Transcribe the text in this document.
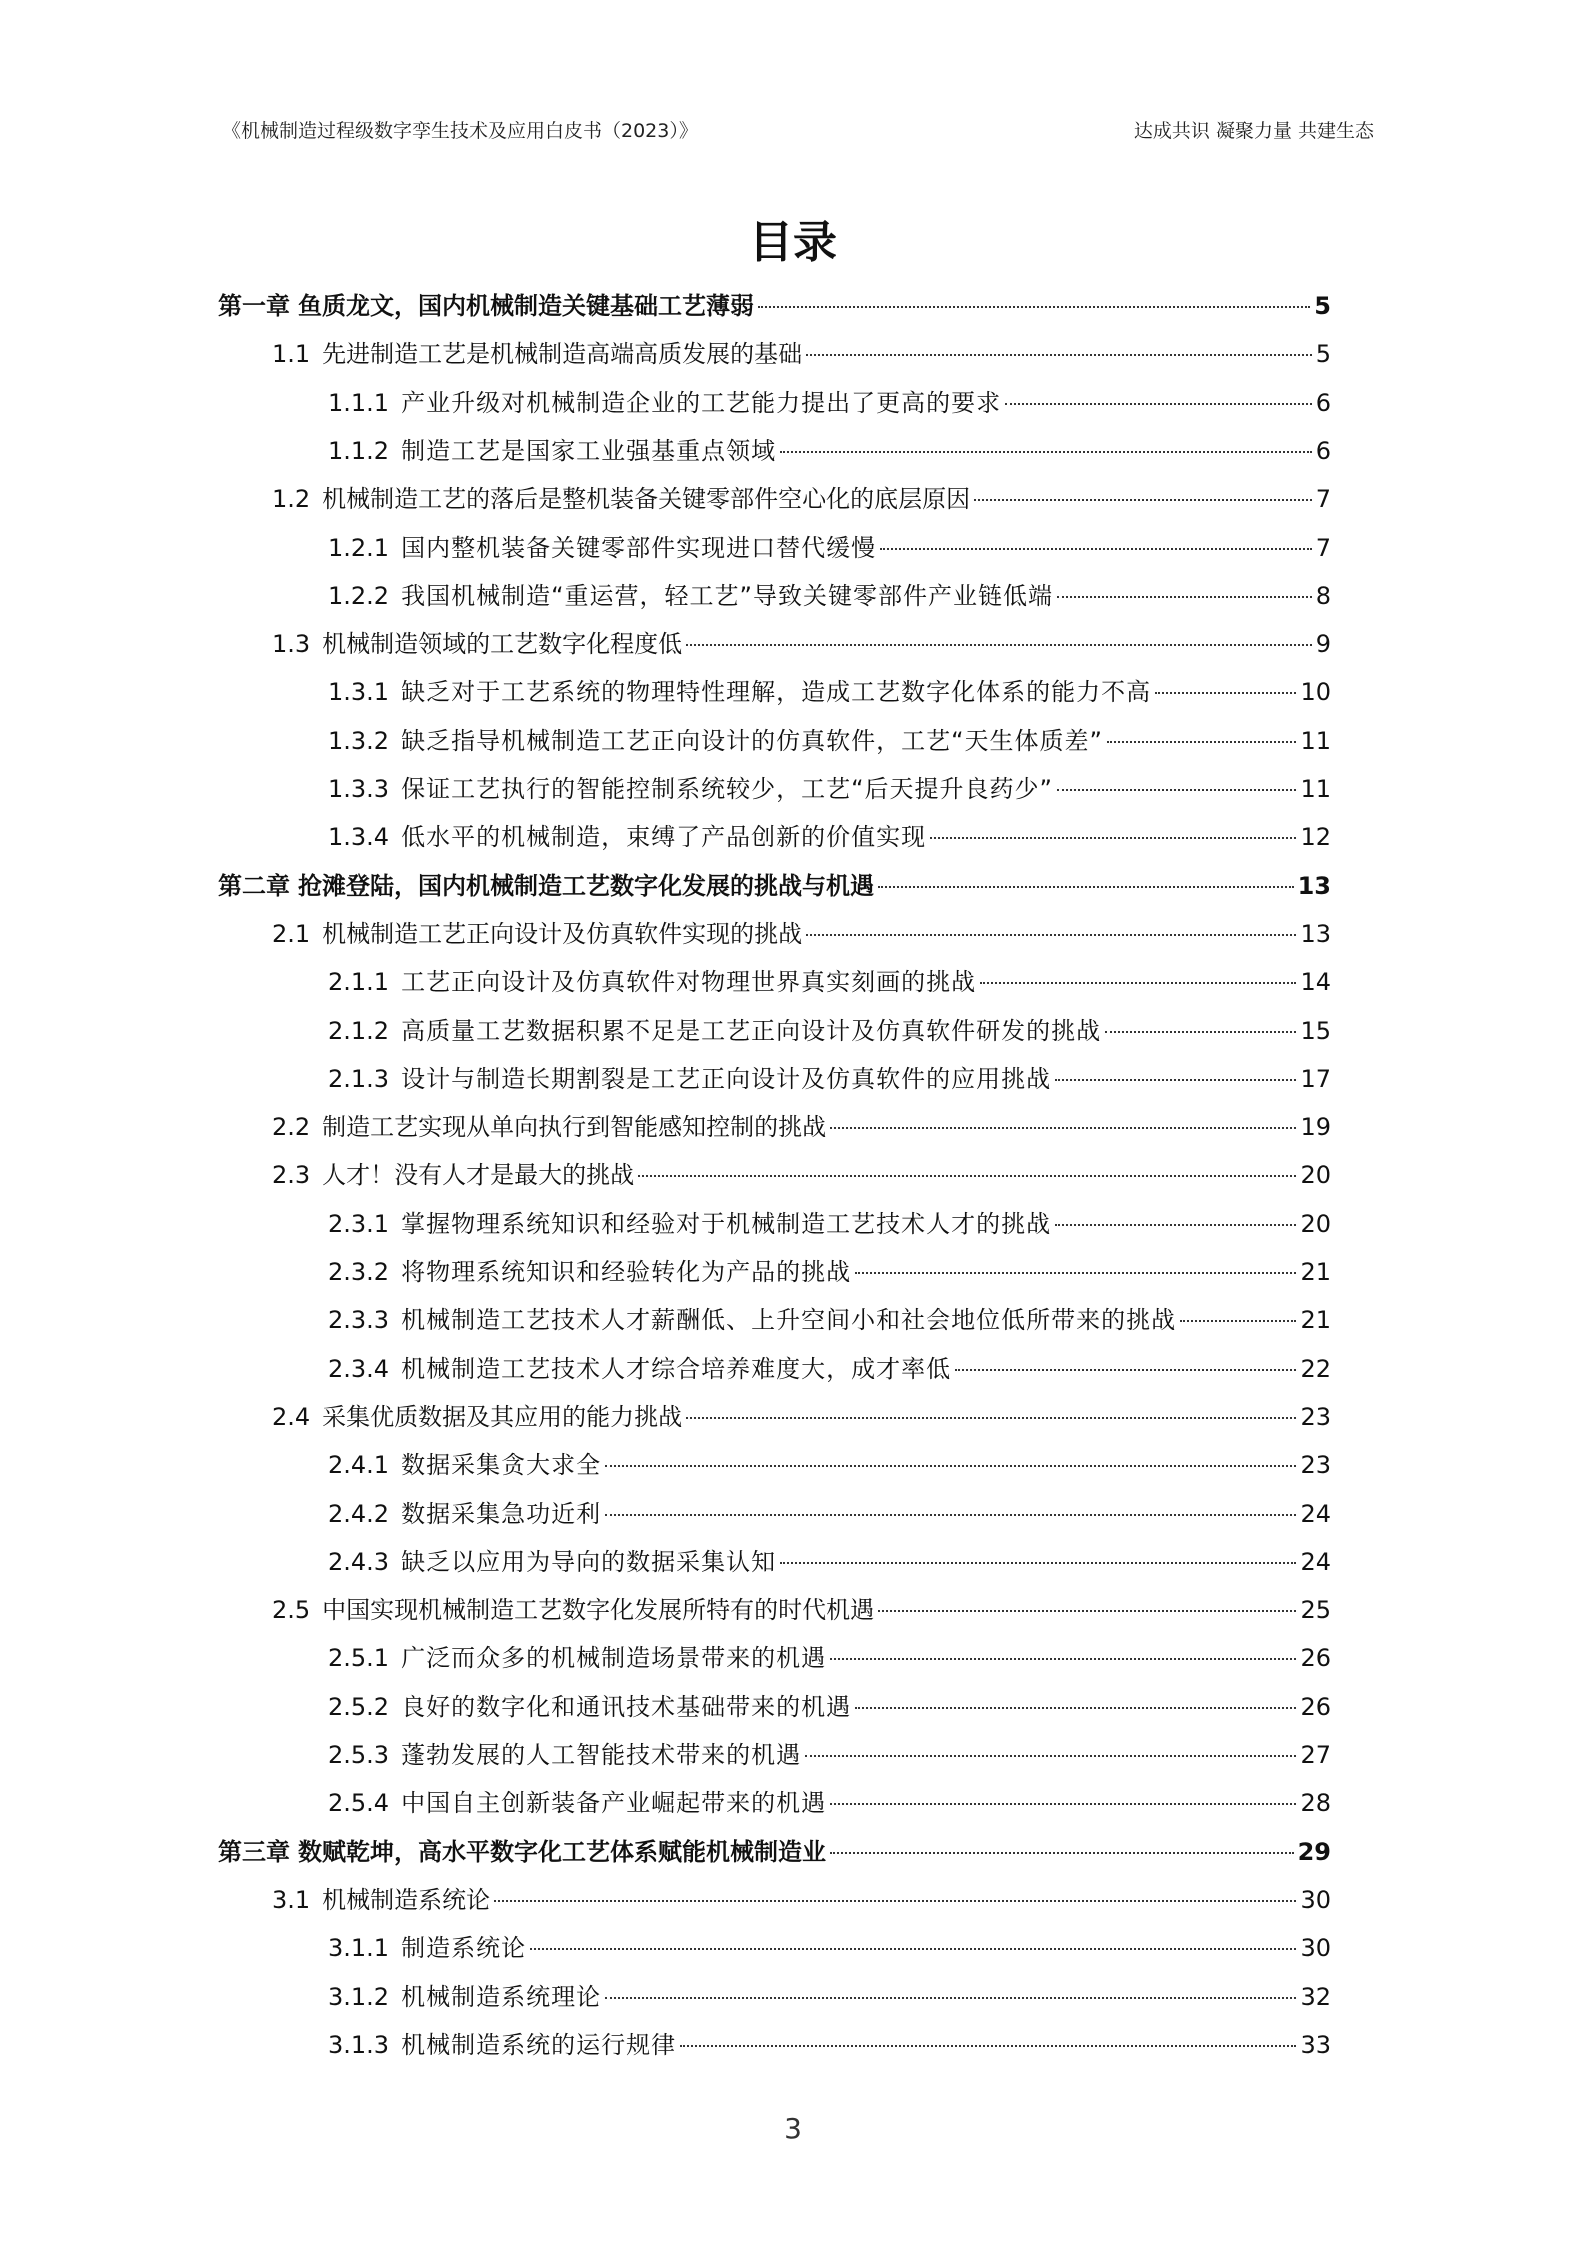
《机械制造过程级数字孪生技术及应用白皮书（2023）》	达成共识 凝聚力量 共建生态
目录
第一章 鱼质龙文，国内机械制造关键基础工艺薄弱	5
1.1 先进制造工艺是机械制造高端高质发展的基础	5
1.1.1 产业升级对机械制造企业的工艺能力提出了更高的要求	6
1.1.2 制造工艺是国家工业强基重点领域	6
1.2 机械制造工艺的落后是整机装备关键零部件空心化的底层原因	7
1.2.1 国内整机装备关键零部件实现进口替代缓慢	7
1.2.2 我国机械制造“重运营，轻工艺”导致关键零部件产业链低端	8
1.3 机械制造领域的工艺数字化程度低	9
1.3.1 缺乏对于工艺系统的物理特性理解，造成工艺数字化体系的能力不高	10
1.3.2 缺乏指导机械制造工艺正向设计的仿真软件，工艺“天生体质差”	11
1.3.3 保证工艺执行的智能控制系统较少，工艺“后天提升良药少”	11
1.3.4 低水平的机械制造，束缚了产品创新的价值实现	12
第二章 抢滩登陆，国内机械制造工艺数字化发展的挑战与机遇	13
2.1 机械制造工艺正向设计及仿真软件实现的挑战	13
2.1.1 工艺正向设计及仿真软件对物理世界真实刻画的挑战	14
2.1.2 高质量工艺数据积累不足是工艺正向设计及仿真软件研发的挑战	15
2.1.3 设计与制造长期割裂是工艺正向设计及仿真软件的应用挑战	17
2.2 制造工艺实现从单向执行到智能感知控制的挑战	19
2.3 人才！没有人才是最大的挑战	20
2.3.1 掌握物理系统知识和经验对于机械制造工艺技术人才的挑战	20
2.3.2 将物理系统知识和经验转化为产品的挑战	21
2.3.3 机械制造工艺技术人才薪酬低、上升空间小和社会地位低所带来的挑战	21
2.3.4 机械制造工艺技术人才综合培养难度大，成才率低	22
2.4 采集优质数据及其应用的能力挑战	23
2.4.1 数据采集贪大求全	23
2.4.2 数据采集急功近利	24
2.4.3 缺乏以应用为导向的数据采集认知	24
2.5 中国实现机械制造工艺数字化发展所特有的时代机遇	25
2.5.1 广泛而众多的机械制造场景带来的机遇	26
2.5.2 良好的数字化和通讯技术基础带来的机遇	26
2.5.3 蓬勃发展的人工智能技术带来的机遇	27
2.5.4 中国自主创新装备产业崛起带来的机遇	28
第三章 数赋乾坤，高水平数字化工艺体系赋能机械制造业	29
3.1 机械制造系统论	30
3.1.1 制造系统论	30
3.1.2 机械制造系统理论	32
3.1.3 机械制造系统的运行规律	33
3
